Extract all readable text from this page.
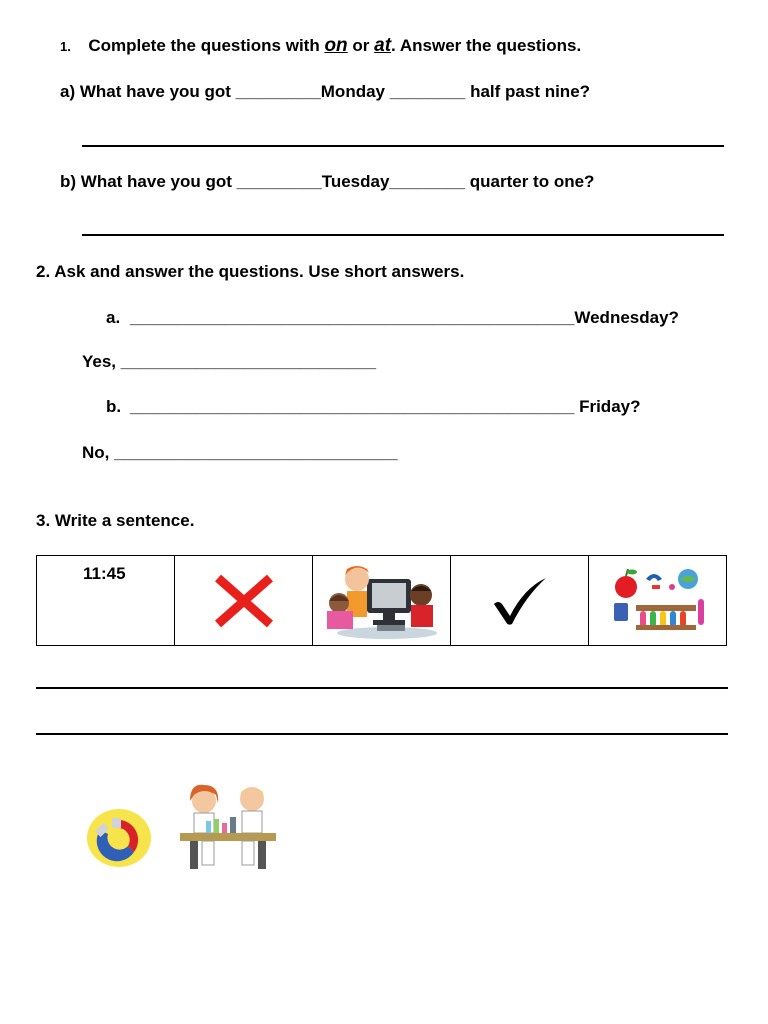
1. Complete the questions with on or at. Answer the questions.
a) What have you got _________Monday ________ half past nine?
b) What have you got _________Tuesday________ quarter to one?
2. Ask and answer the questions. Use short answers.
a. _______________________________________________Wednesday?
Yes, ___________________________
b. _______________________________________________ Friday?
No, ______________________________
3. Write a sentence.
11:45
